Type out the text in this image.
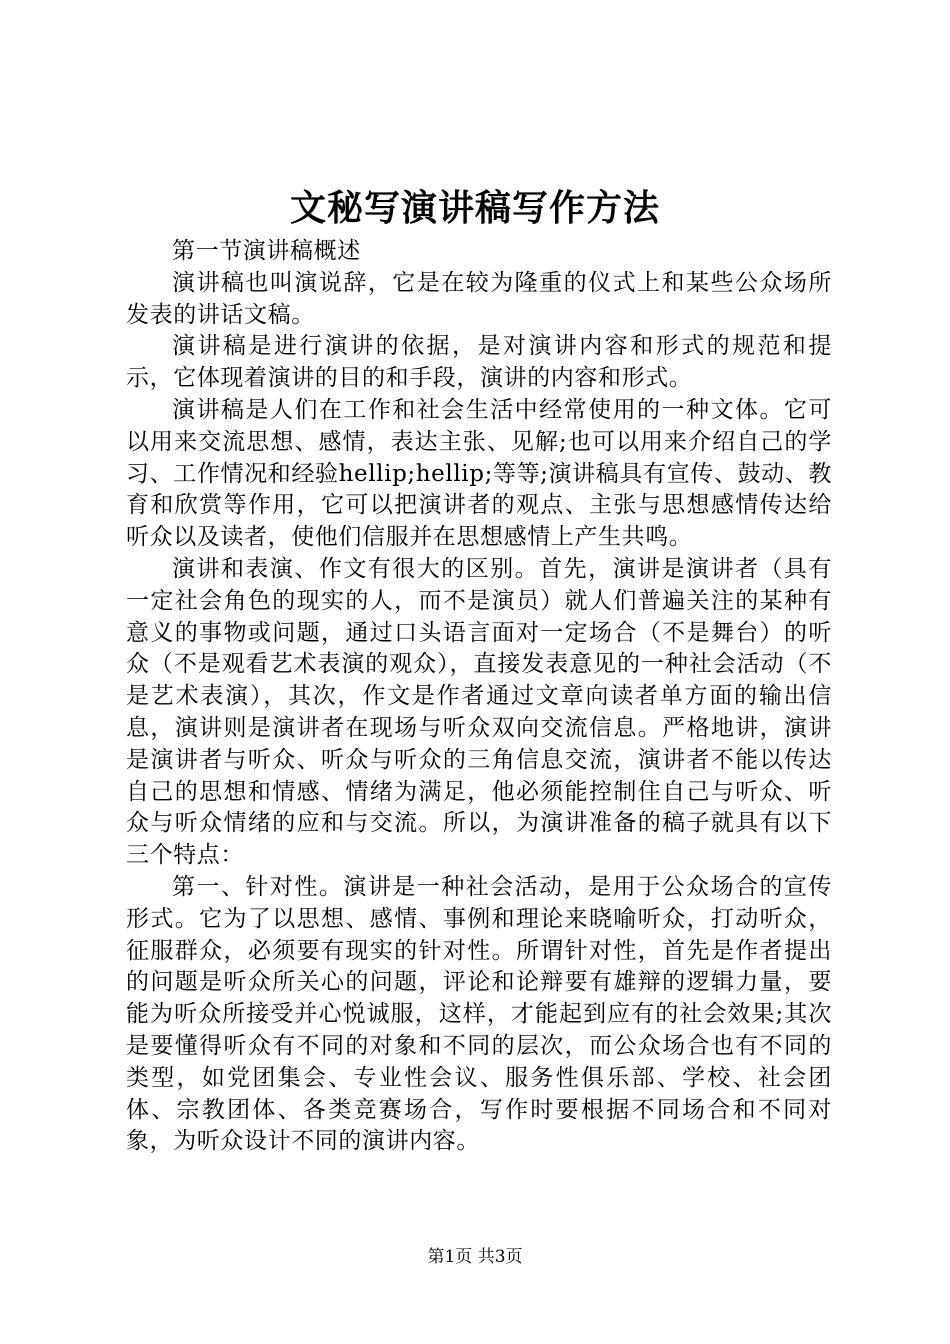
文秘写演讲稿写作方法

第一节演讲稿概述

演讲稿也叫演说辞，它是在较为隆重的仪式上和某些公众场所发表的讲话文稿。

演讲稿是进行演讲的依据，是对演讲内容和形式的规范和提示，它体现着演讲的目的和手段，演讲的内容和形式。

演讲稿是人们在工作和社会生活中经常使用的一种文体。它可以用来交流思想、感情，表达主张、见解;也可以用来介绍自己的学习、工作情况和经验hellip;hellip;等等;演讲稿具有宣传、鼓动、教育和欣赏等作用，它可以把演讲者的观点、主张与思想感情传达给听众以及读者，使他们信服并在思想感情上产生共鸣。

演讲和表演、作文有很大的区别。首先，演讲是演讲者（具有一定社会角色的现实的人，而不是演员）就人们普遍关注的某种有意义的事物或问题，通过口头语言面对一定场合（不是舞台）的听众（不是观看艺术表演的观众），直接发表意见的一种社会活动（不是艺术表演），其次，作文是作者通过文章向读者单方面的输出信息，演讲则是演讲者在现场与听众双向交流信息。严格地讲，演讲是演讲者与听众、听众与听众的三角信息交流，演讲者不能以传达自己的思想和情感、情绪为满足，他必须能控制住自己与听众、听众与听众情绪的应和与交流。所以，为演讲准备的稿子就具有以下三个特点：

第一、针对性。演讲是一种社会活动，是用于公众场合的宣传形式。它为了以思想、感情、事例和理论来晓喻听众，打动听众，征服群众，必须要有现实的针对性。所谓针对性，首先是作者提出的问题是听众所关心的问题，评论和论辩要有雄辩的逻辑力量，要能为听众所接受并心悦诚服，这样，才能起到应有的社会效果;其次是要懂得听众有不同的对象和不同的层次，而公众场合也有不同的类型，如党团集会、专业性会议、服务性俱乐部、学校、社会团体、宗教团体、各类竞赛场合，写作时要根据不同场合和不同对象，为听众设计不同的演讲内容。

第1页 共3页
